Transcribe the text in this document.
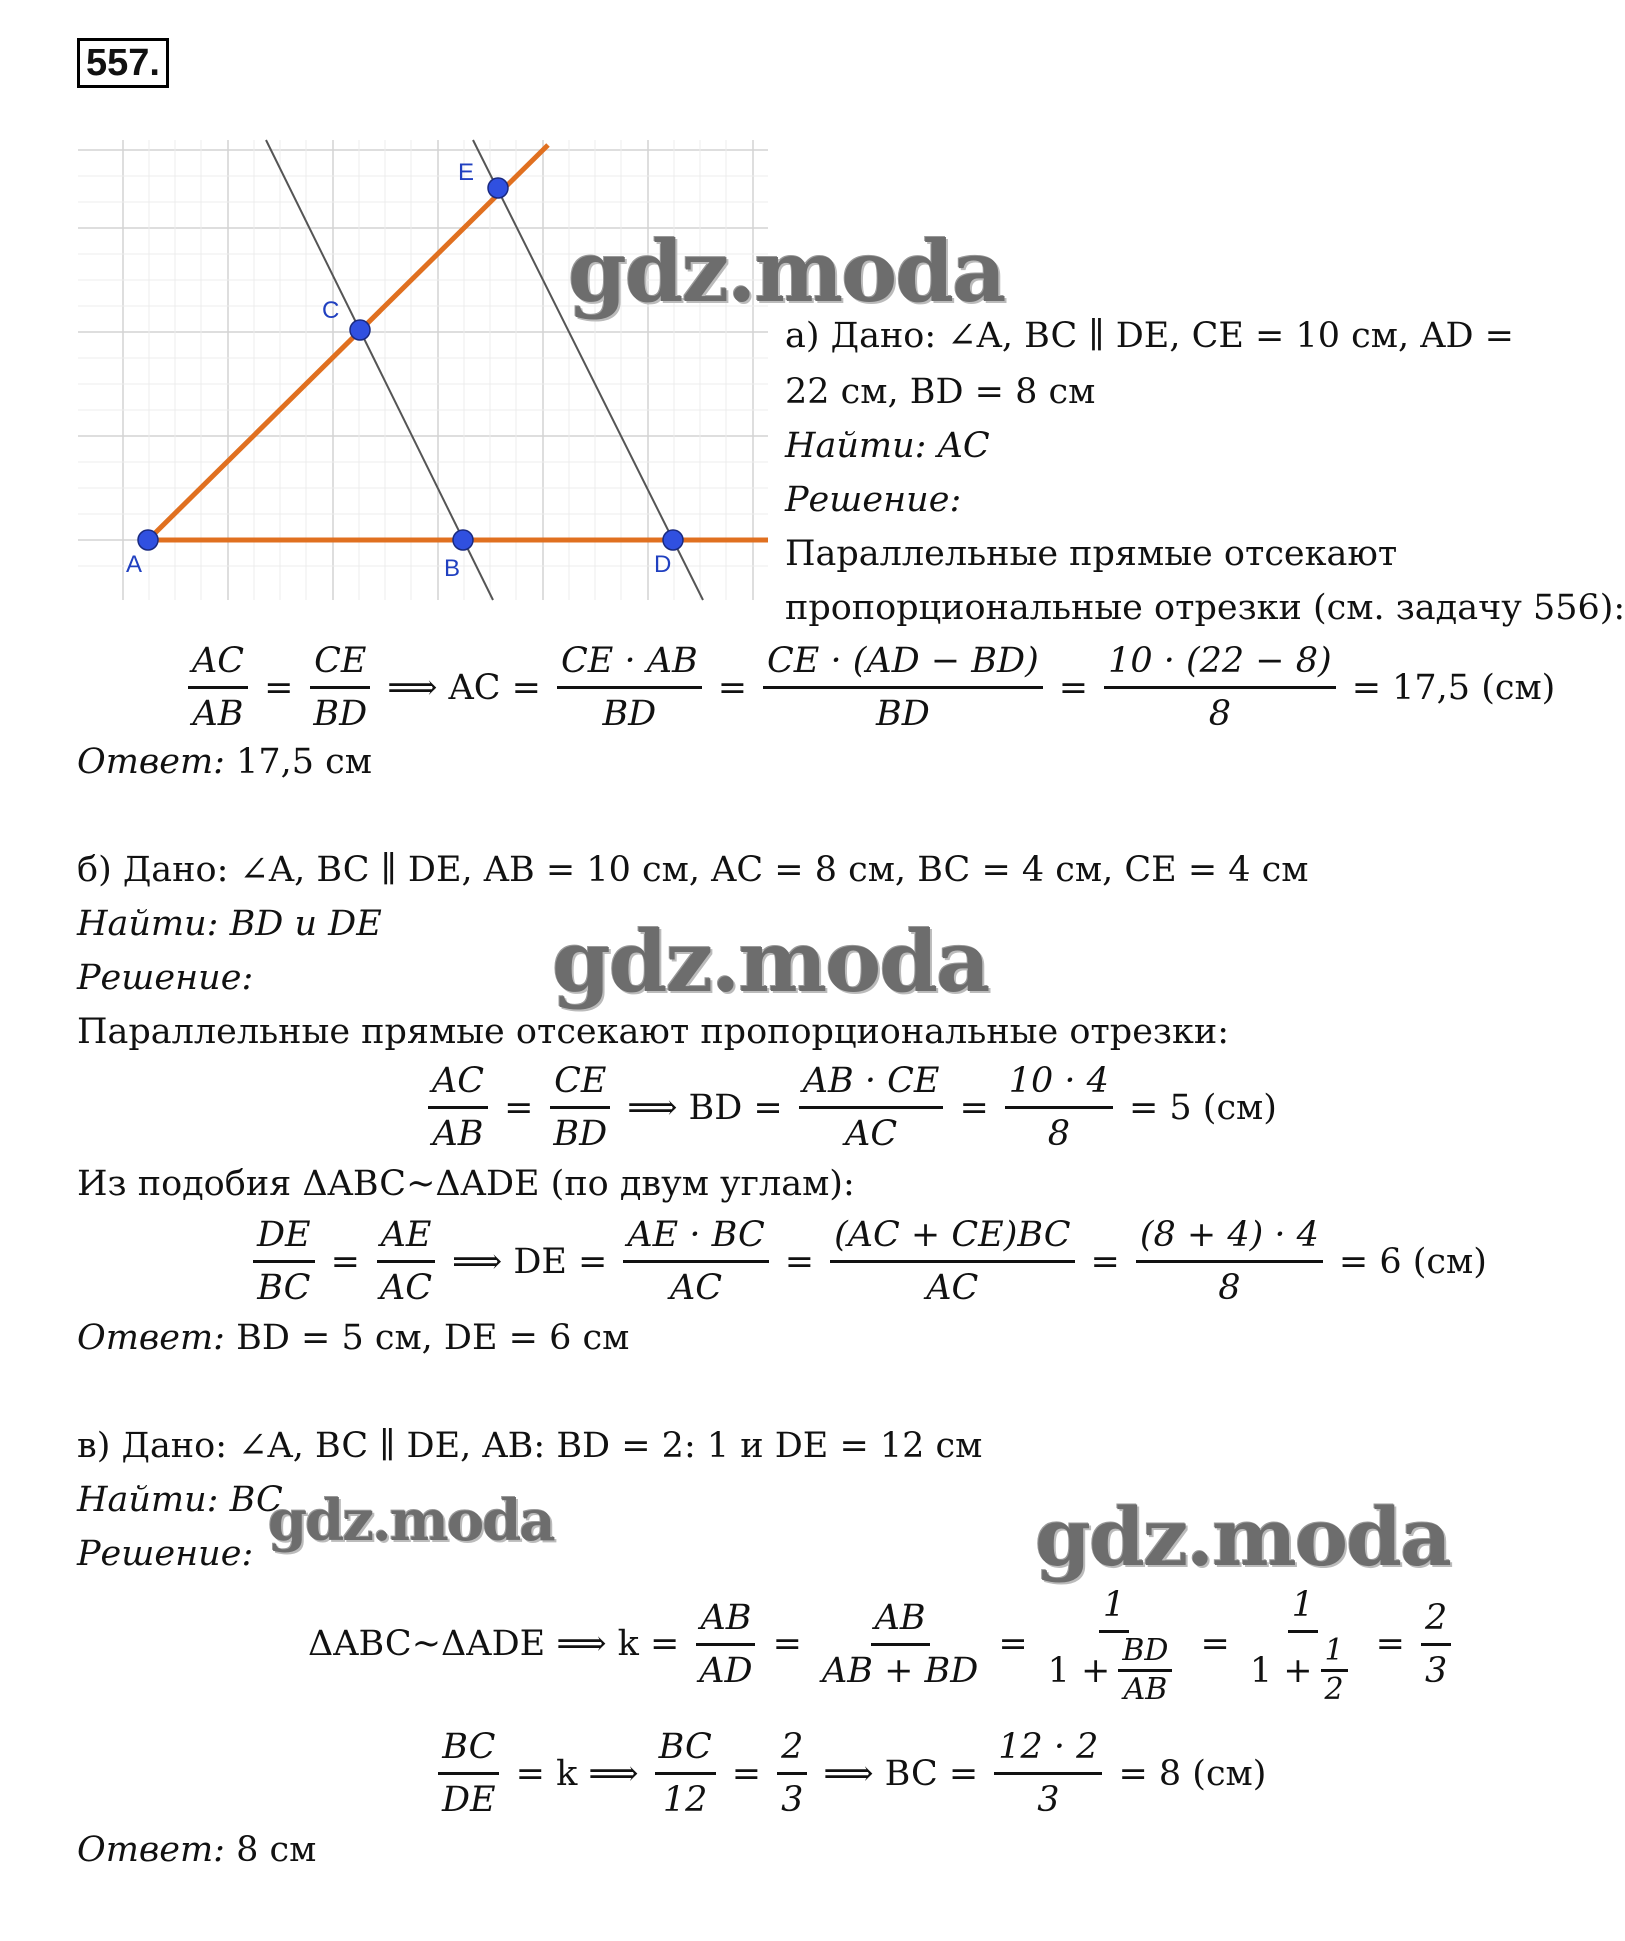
557.
A	B	D
C
E
gdz.moda
gdz.moda
gdz.moda	gdz.moda
а) Дано: ∠A, BC ∥ DE, CE = 10 см, AD =
22 см, BD = 8 см
Найти: AC
Решение:
Параллельные прямые отсекают
пропорциональные отрезки (см. задачу 556):
$\frac{AC}{AB} = \frac{CE}{BD}$ ⟹ AC = $\frac{CE \cdot AB}{BD} = \frac{CE \cdot (AD - BD)}{BD} = \frac{10 \cdot (22 - 8)}{8} = 17,5$ (см)
Ответ: 17,5 см
б) Дано: ∠A, BC ∥ DE, AB = 10 см, AC = 8 см, BC = 4 см, CE = 4 см
Найти: BD и DE
Решение:
Параллельные прямые отсекают пропорциональные отрезки:
$\frac{AC}{AB} = \frac{CE}{BD}$ ⟹ BD = $\frac{AB \cdot CE}{AC} = \frac{10 \cdot 4}{8} = 5$ (см)
Из подобия ΔABC~ΔADE (по двум углам):
$\frac{DE}{BC} = \frac{AE}{AC}$ ⟹ DE = $\frac{AE \cdot BC}{AC} = \frac{(AC + CE)BC}{AC} = \frac{(8 + 4) \cdot 4}{8} = 6$ (см)
Ответ: BD = 5 см, DE = 6 см
в) Дано: ∠A, BC ∥ DE, AB: BD = 2: 1 и DE = 12 см
Найти: BC
Решение:
ΔABC~ΔADE ⟹ $k = \frac{AB}{AD} = \frac{AB}{AB + BD}$ =
1
$1 + \frac{BD}{AB} = \frac{1}{1 + \frac{1}{2}} = \frac{2}{3}$
$\frac{BC}{DE} = k$ ⟹ $\frac{BC}{12} = \frac{2}{3}$ ⟹ BC = $\frac{12 \cdot 2}{3} = 8$ (см)
Ответ: 8 см
